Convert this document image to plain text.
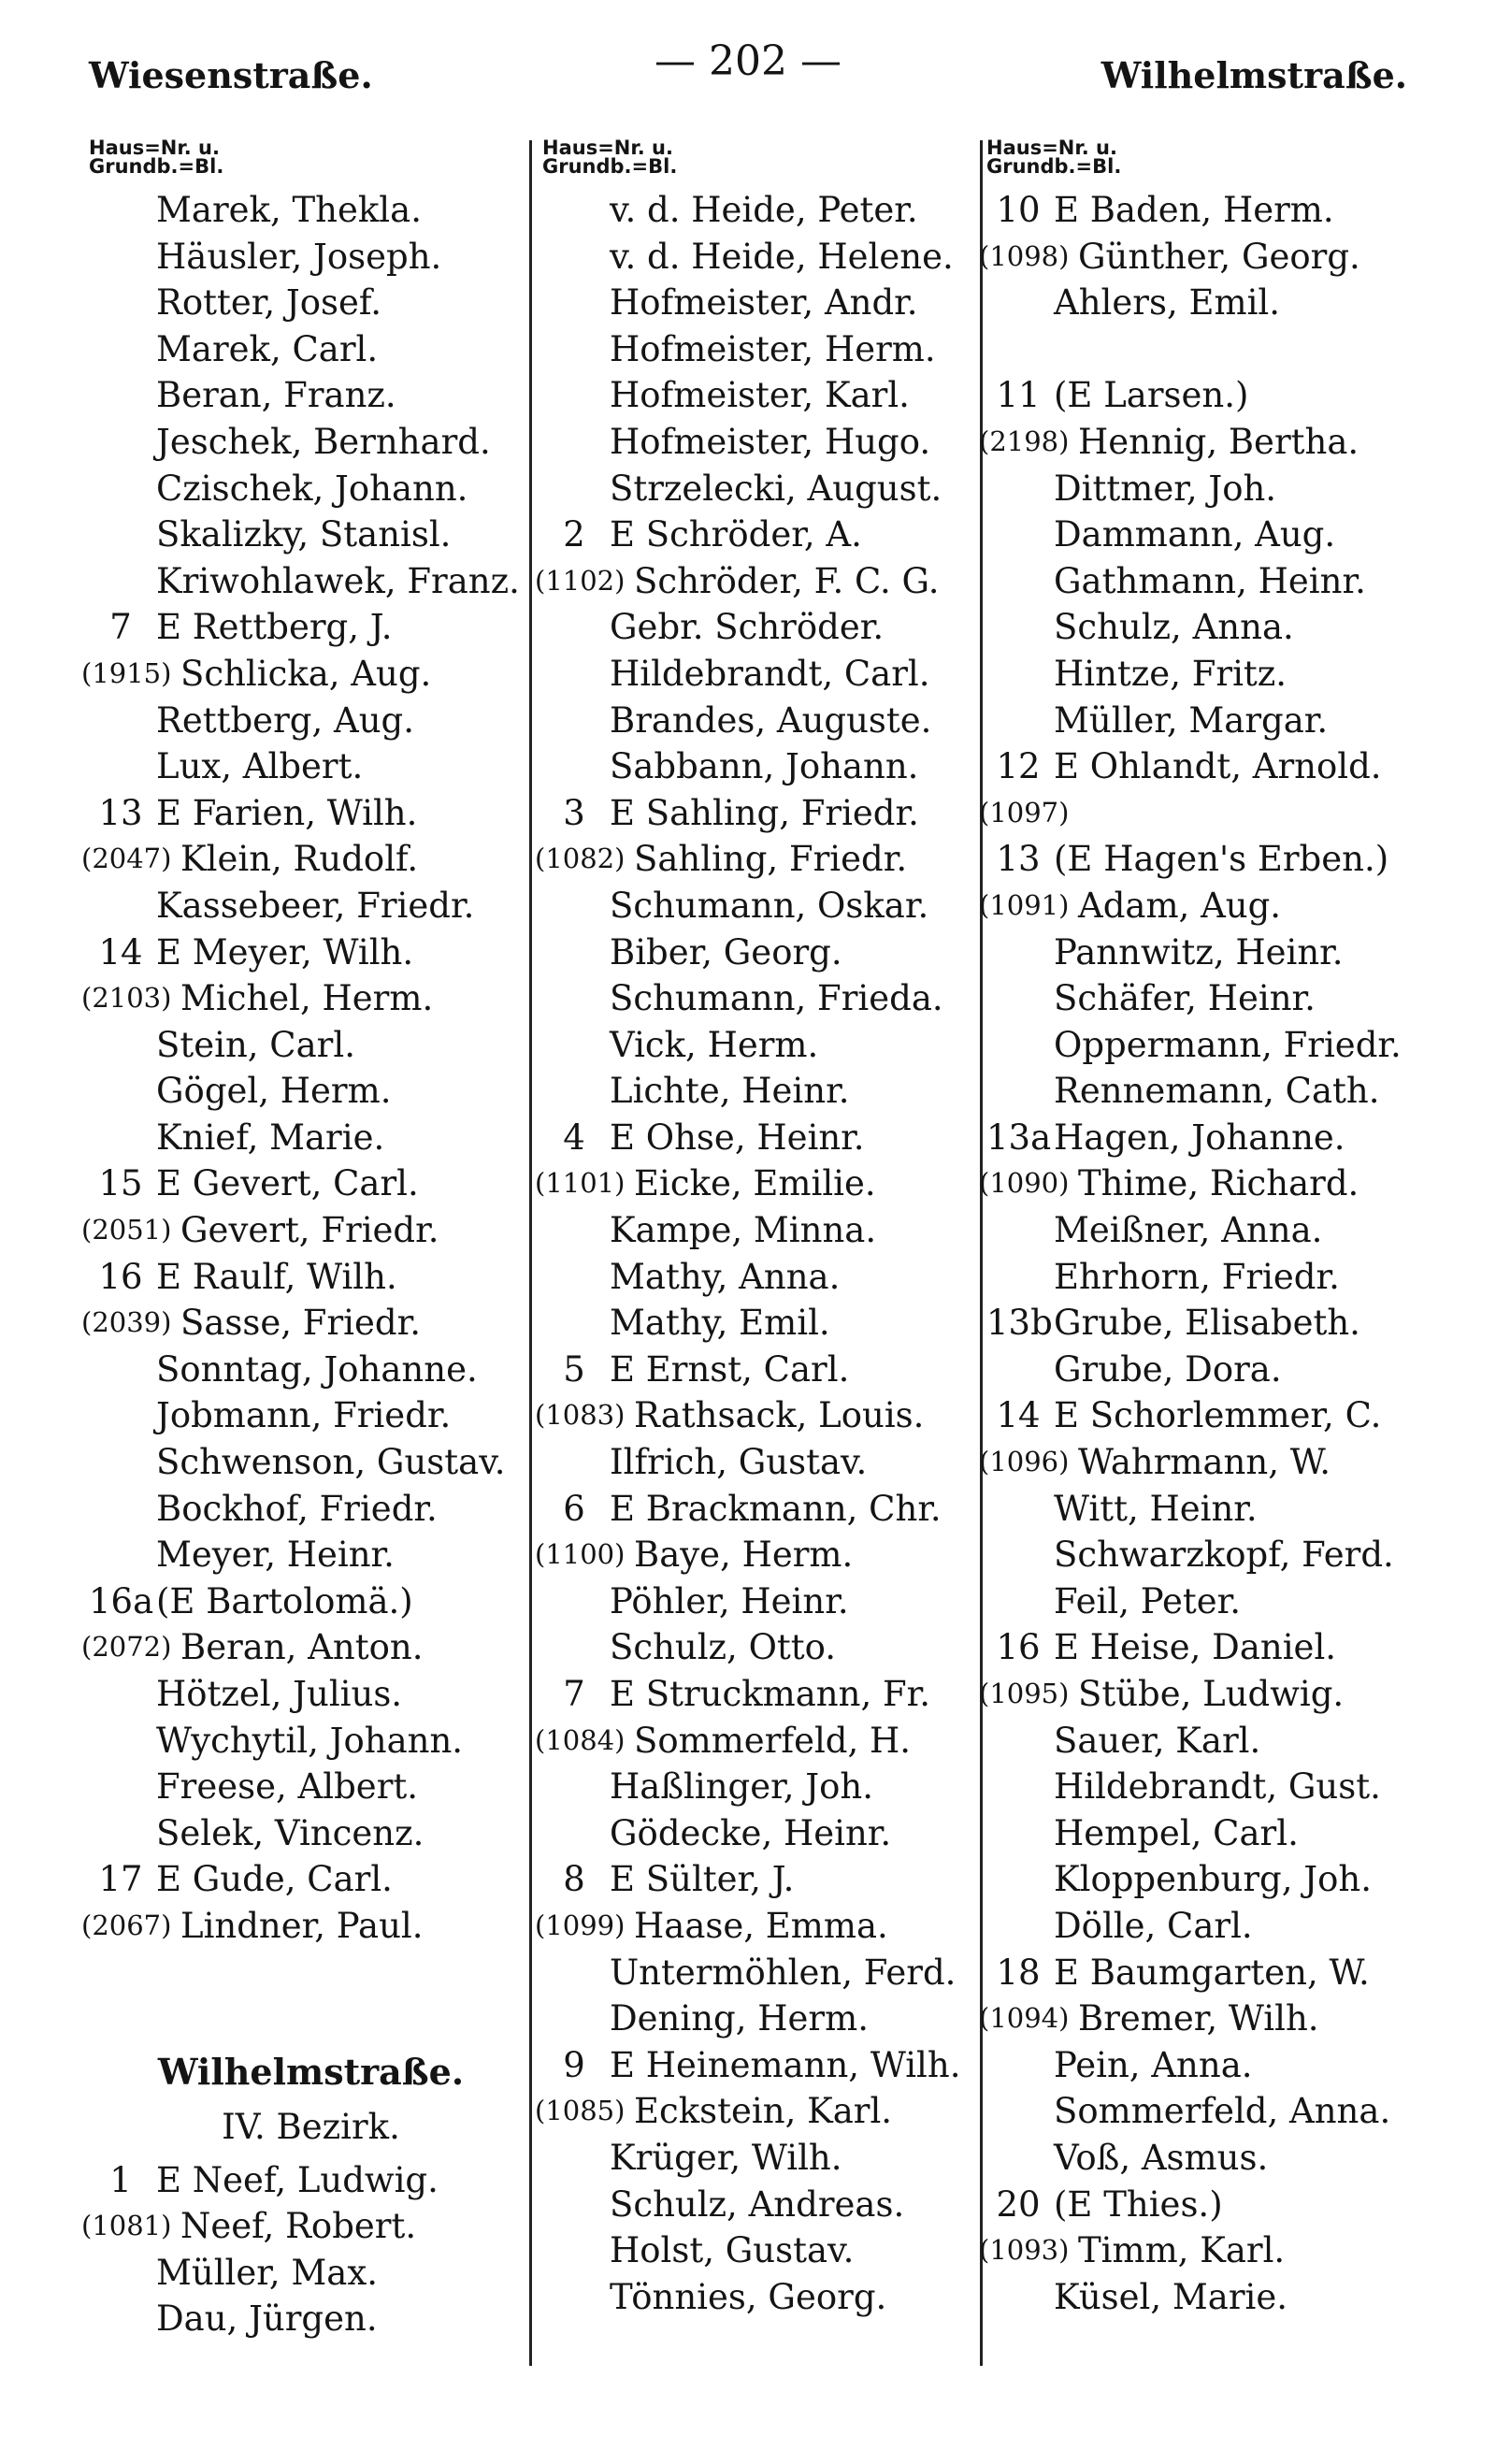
Wiesenstraße.	— 202 —	Wilhelmstraße.
Haus=Nr. u.
Grundb.=Bl.
Marek, Thekla.
Häusler, Joseph.
Rotter, Josef.
Marek, Carl.
Beran, Franz.
Jeschek, Bernhard.
Czischek, Johann.
Skalizky, Stanisl.
Kriwohlawek, Franz.
7 E Rettberg, J.
(1915) Schlicka, Aug.
Rettberg, Aug.
Lux, Albert.
13 E Farien, Wilh.
(2047) Klein, Rudolf.
Kassebeer, Friedr.
14 E Meyer, Wilh.
(2103) Michel, Herm.
Stein, Carl.
Gögel, Herm.
Knief, Marie.
15 E Gevert, Carl.
(2051) Gevert, Friedr.
16 E Raulf, Wilh.
(2039) Sasse, Friedr.
Sonntag, Johanne.
Jobmann, Friedr.
Schwenson, Gustav.
Bockhof, Friedr.
Meyer, Heinr.
16a (E Bartolomä.)
(2072) Beran, Anton.
Hötzel, Julius.
Wychytil, Johann.
Freese, Albert.
Selek, Vincenz.
17 E Gude, Carl.
(2067) Lindner, Paul.
Wilhelmstraße.
IV. Bezirk.
1 E Neef, Ludwig.
(1081) Neef, Robert.
Müller, Max.
Dau, Jürgen.
Haus=Nr. u.
Grundb.=Bl.
v. d. Heide, Peter.
v. d. Heide, Helene.
Hofmeister, Andr.
Hofmeister, Herm.
Hofmeister, Karl.
Hofmeister, Hugo.
Strzelecki, August.
2 E Schröder, A.
(1102) Schröder, F. C. G.
Gebr. Schröder.
Hildebrandt, Carl.
Brandes, Auguste.
Sabbann, Johann.
3 E Sahling, Friedr.
(1082) Sahling, Friedr.
Schumann, Oskar.
Biber, Georg.
Schumann, Frieda.
Vick, Herm.
Lichte, Heinr.
4 E Ohse, Heinr.
(1101) Eicke, Emilie.
Kampe, Minna.
Mathy, Anna.
Mathy, Emil.
5 E Ernst, Carl.
(1083) Rathsack, Louis.
Ilfrich, Gustav.
6 E Brackmann, Chr.
(1100) Baye, Herm.
Pöhler, Heinr.
Schulz, Otto.
7 E Struckmann, Fr.
(1084) Sommerfeld, H.
Haßlinger, Joh.
Gödecke, Heinr.
8 E Sülter, J.
(1099) Haase, Emma.
Untermöhlen, Ferd.
Dening, Herm.
9 E Heinemann, Wilh.
(1085) Eckstein, Karl.
Krüger, Wilh.
Schulz, Andreas.
Holst, Gustav.
Tönnies, Georg.
Haus=Nr. u.
Grundb.=Bl.
10 E Baden, Herm.
(1098) Günther, Georg.
Ahlers, Emil.
11 (E Larsen.)
(2198) Hennig, Bertha.
Dittmer, Joh.
Dammann, Aug.
Gathmann, Heinr.
Schulz, Anna.
Hintze, Fritz.
Müller, Margar.
12 E Ohlandt, Arnold.
(1097)
13 (E Hagen's Erben.)
(1091) Adam, Aug.
Pannwitz, Heinr.
Schäfer, Heinr.
Oppermann, Friedr.
Rennemann, Cath.
13a Hagen, Johanne.
(1090) Thime, Richard.
Meißner, Anna.
Ehrhorn, Friedr.
13b Grube, Elisabeth.
Grube, Dora.
14 E Schorlemmer, C.
(1096) Wahrmann, W.
Witt, Heinr.
Schwarzkopf, Ferd.
Feil, Peter.
16 E Heise, Daniel.
(1095) Stübe, Ludwig.
Sauer, Karl.
Hildebrandt, Gust.
Hempel, Carl.
Kloppenburg, Joh.
Dölle, Carl.
18 E Baumgarten, W.
(1094) Bremer, Wilh.
Pein, Anna.
Sommerfeld, Anna.
Voß, Asmus.
20 (E Thies.)
(1093) Timm, Karl.
Küsel, Marie.
